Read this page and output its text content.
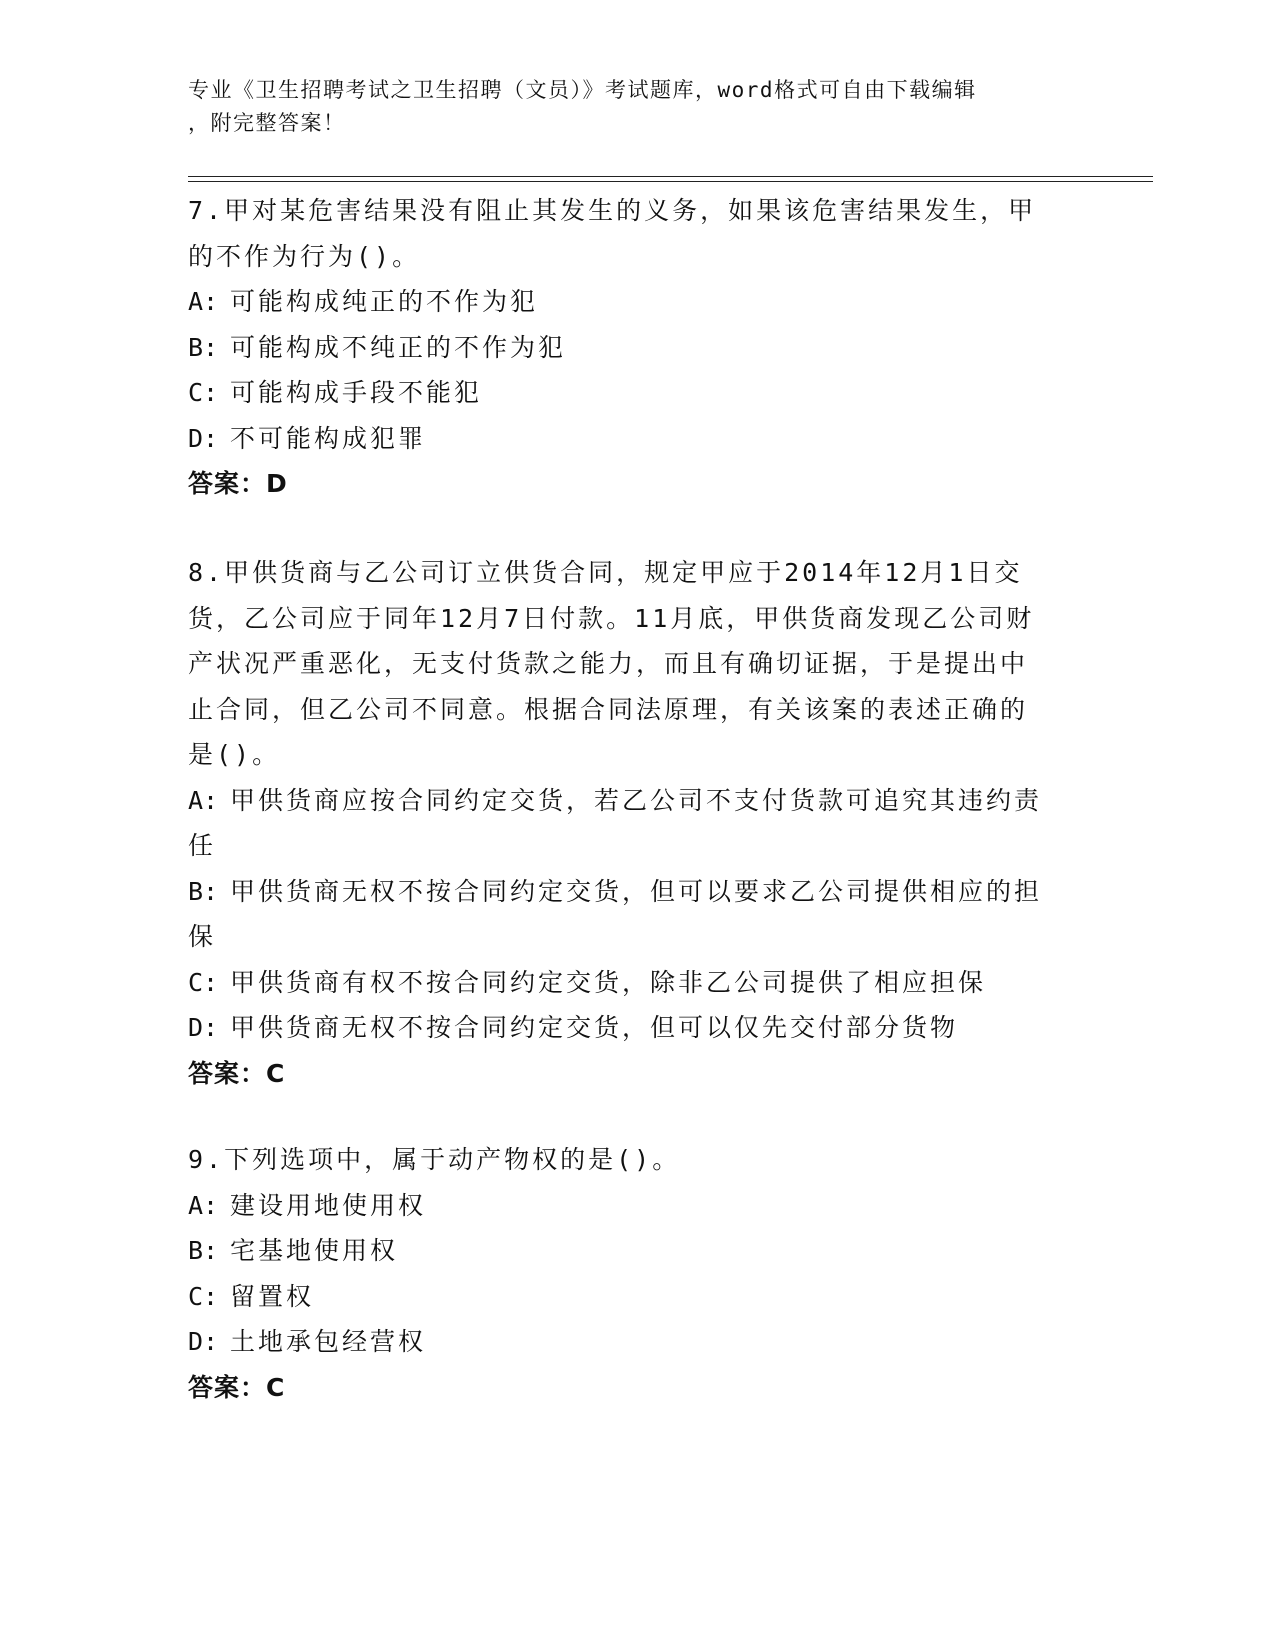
专业《卫生招聘考试之卫生招聘（文员）》考试题库，word格式可自由下载编辑
，附完整答案！
7.甲对某危害结果没有阻止其发生的义务，如果该危害结果发生，甲
的不作为行为()。
A: 可能构成纯正的不作为犯
B: 可能构成不纯正的不作为犯
C: 可能构成手段不能犯
D: 不可能构成犯罪
答案：D
8.甲供货商与乙公司订立供货合同，规定甲应于2014年12月1日交
货，乙公司应于同年12月7日付款。11月底，甲供货商发现乙公司财
产状况严重恶化，无支付货款之能力，而且有确切证据，于是提出中
止合同，但乙公司不同意。根据合同法原理，有关该案的表述正确的
是()。
A: 甲供货商应按合同约定交货，若乙公司不支付货款可追究其违约责
任
B: 甲供货商无权不按合同约定交货，但可以要求乙公司提供相应的担
保
C: 甲供货商有权不按合同约定交货，除非乙公司提供了相应担保
D: 甲供货商无权不按合同约定交货，但可以仅先交付部分货物
答案：C
9.下列选项中，属于动产物权的是()。
A: 建设用地使用权
B: 宅基地使用权
C: 留置权
D: 土地承包经营权
答案：C
